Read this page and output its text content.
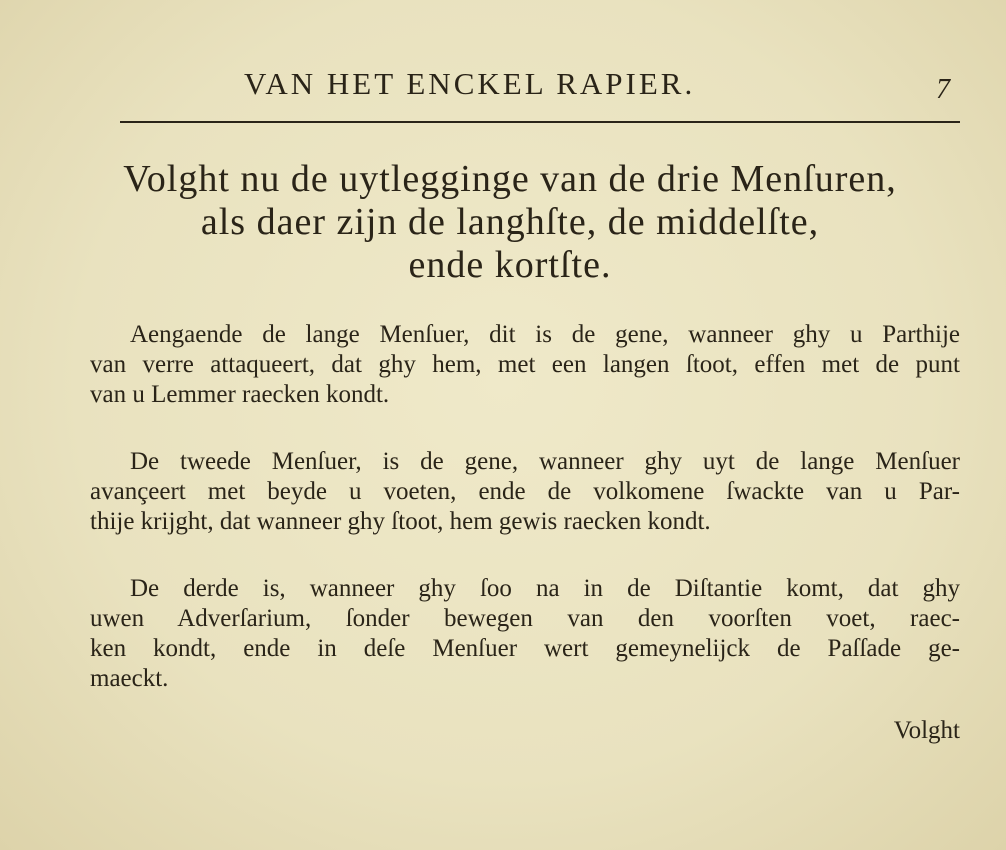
VAN HET ENCKEL RAPIER.	7
Volght nu de uytlegginge van de drie Menſuren,
als daer zijn de langhſte, de middelſte,
ende kortſte.
Aengaende de lange Menſuer, dit is de gene, wanneer ghy u Parthije
van verre attaqueert, dat ghy hem, met een langen ſtoot, effen met de punt
van u Lemmer raecken kondt.
De tweede Menſuer, is de gene, wanneer ghy uyt de lange Menſuer
avançeert met beyde u voeten, ende de volkomene ſwackte van u Par-
thije krijght, dat wanneer ghy ſtoot, hem gewis raecken kondt.
De derde is, wanneer ghy ſoo na in de Diſtantie komt, dat ghy
uwen Adverſarium, ſonder bewegen van den voorſten voet, raec-
ken kondt, ende in deſe Menſuer wert gemeynelijck de Paſſade ge-
maeckt.
Volght
